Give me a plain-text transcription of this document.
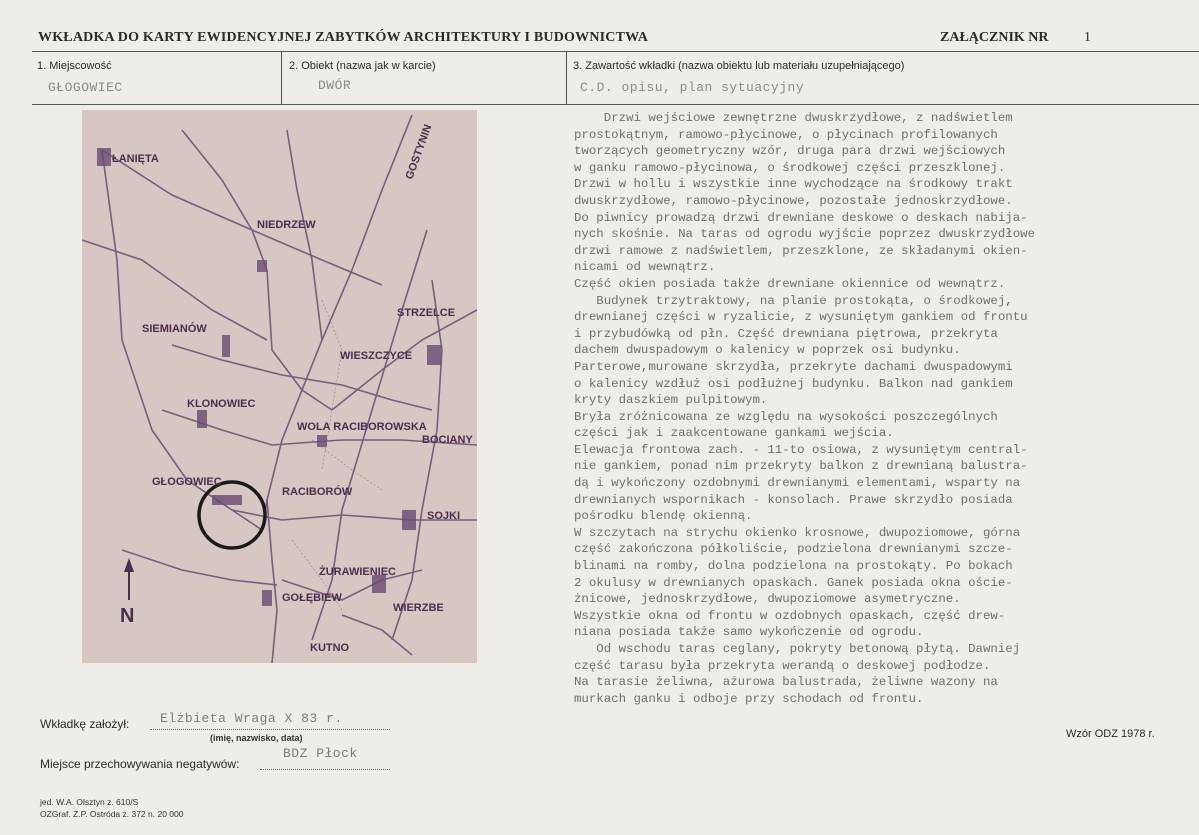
WKŁADKA DO KARTY EWIDENCYJNEJ ZABYTKÓW ARCHITEKTURY I BUDOWNICTWA	ZAŁĄCZNIK NR	1
1. Miejscowość
GŁOGOWIEC
2. Obiekt (nazwa jak w karcie)
DWÓR
3. Zawartość wkładki (nazwa obiektu lub materiału uzupełniającego)
C.D. opisu, plan sytuacyjny
N
ŁANIĘTA
NIEDRZEW
GOSTYNIN
STRZELCE
SIEMIANÓW
WIESZCZYCE
KLONOWIEC
WOLA RACIBOROWSKA
BOCIANY
GŁOGOWIEC
RACIBORÓW
SOJKI
ŻURAWIENIEC
GOŁĘBIEW
WIERZBE
KUTNO
Drzwi wejściowe zewnętrzne dwuskrzydłowe, z nadświetlem
prostokątnym, ramowo-płycinowe, o płycinach profilowanych
tworzących geometryczny wzór, druga para drzwi wejściowych
w ganku ramowo-płycinowa, o środkowej części przeszklonej.
Drzwi w hollu i wszystkie inne wychodzące na środkowy trakt
dwuskrzydłowe, ramowo-płycinowe, pozostałe jednoskrzydłowe.
Do piwnicy prowadzą drzwi drewniane deskowe o deskach nabija-
nych skośnie. Na taras od ogrodu wyjście poprzez dwuskrzydłowe
drzwi ramowe z nadświetlem, przeszklone, ze składanymi okien-
nicami od wewnątrz.
Część okien posiada także drewniane okiennice od wewnątrz.
Budynek trzytraktowy, na planie prostokąta, o środkowej,
drewnianej części w ryzalicie, z wysuniętym gankiem od frontu
i przybudówką od płn. Część drewniana piętrowa, przekryta
dachem dwuspadowym o kalenicy w poprzek osi budynku.
Parterowe,murowane skrzydła, przekryte dachami dwuspadowymi
o kalenicy wzdłuż osi podłużnej budynku. Balkon nad gankiem
kryty daszkiem pulpitowym.
Bryła zróżnicowana ze względu na wysokości poszczególnych
części jak i zaakcentowane gankami wejścia.
Elewacja frontowa zach. - 11-to osiowa, z wysuniętym central-
nie gankiem, ponad nim przekryty balkon z drewnianą balustra-
dą i wykończony ozdobnymi drewnianymi elementami, wsparty na
drewnianych wspornikach - konsolach. Prawe skrzydło posiada
pośrodku blendę okienną.
W szczytach na strychu okienko krosnowe, dwupoziomowe, górna
część zakończona półkoliście, podzielona drewnianymi szcze-
blinami na romby, dolna podzielona na prostokąty. Po bokach
2 okulusy w drewnianych opaskach. Ganek posiada okna oście-
żnicowe, jednoskrzydłowe, dwupoziomowe asymetryczne.
Wszystkie okna od frontu w ozdobnych opaskach, część drew-
niana posiada także samo wykończenie od ogrodu.
Od wschodu taras ceglany, pokryty betonową płytą. Dawniej
część tarasu była przekryta werandą o deskowej podłodze.
Na tarasie żeliwna, ażurowa balustrada, żeliwne wazony na
murkach ganku i odboje przy schodach od frontu.
Wzór ODZ 1978 r.
Wkładkę założył: Elżbieta Wraga X 83 r.
(imię, nazwisko, data)
Miejsce przechowywania negatywów:
BDZ Płock
jed. W.A. Olsztyn z. 610/S
OZGraf. Z.P. Ostróda z. 372 n. 20 000
